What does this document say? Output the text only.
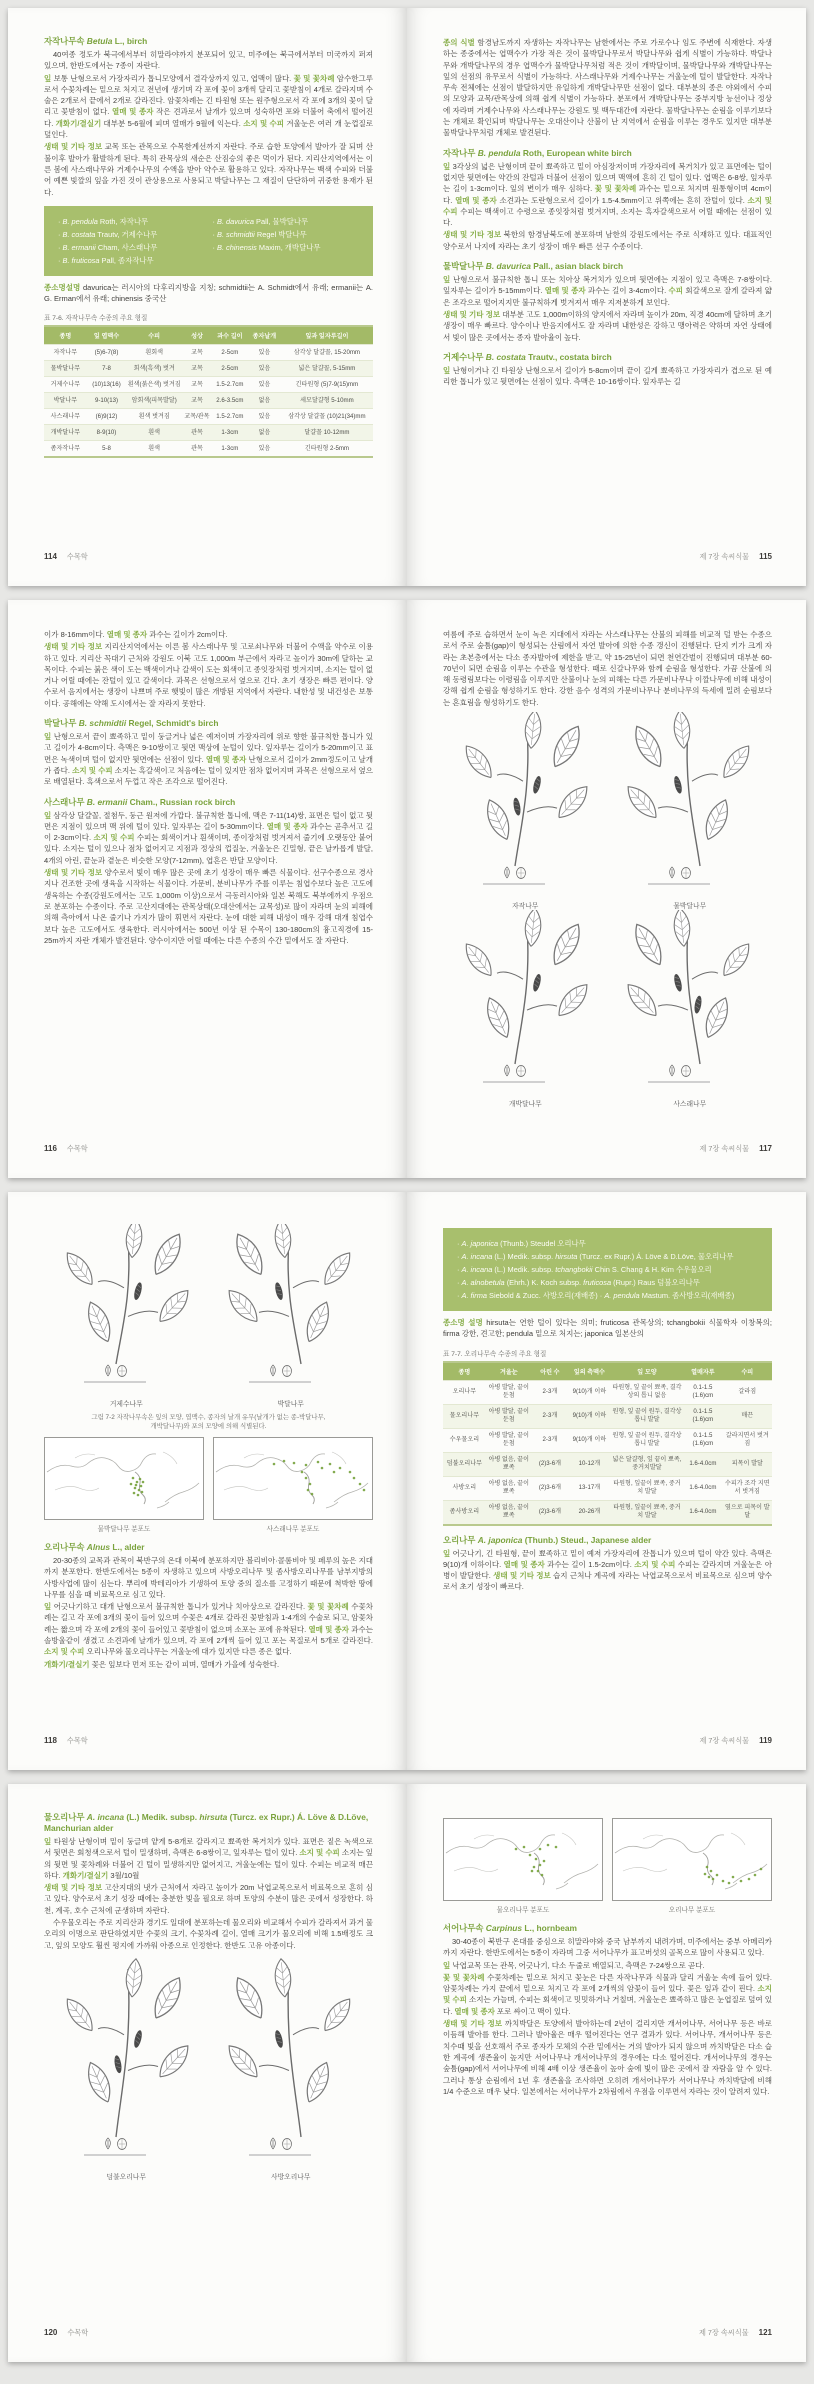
자작나무속 Betula L., birch
40여종 정도가 북극에서부터 히말라야까지 분포되어 있고, 미주에는 북극에서부터 미국까지 퍼져 있으며, 한반도에서는 7종이 자란다.
잎 보통 난형으로서 가장자리가 톱니모양에서 결각상까지 있고, 엽맥이 많다. 꽃 및 꽃차례 암수한그루로서 수꽃차례는 밑으로 처지고 전년에 생기며 각 포에 꽃이 3개씩 달리고 꽃받침이 4개로 갈라지며 수술은 2개로서 끝에서 2개로 갈라진다. 암꽃차례는 긴 타원형 또는 원주형으로서 각 포에 3개의 꽃이 달리고 꽃받침이 없다. 열매 및 종자 작은 견과로서 날개가 있으며 성숙하면 포와 더불어 축에서 떨어진다. 개화기/결실기 대부분 5-6월에 피며 열매가 9월에 익는다. 소지 및 수피 겨울눈은 여러 개 눈껍질로 덮인다.
생태 및 기타 정보 교목 또는 관목으로 수목한계선까지 자란다. 주로 습한 토양에서 발아가 잘 되며 산불이후 발아가 활발하게 된다. 특히 관목상의 새순은 산짐승의 좋은 먹이가 된다. 지리산지역에서는 이른 봄에 사스래나무와 거제수나무의 수액을 받아 약수로 활용하고 있다. 자작나무는 백색 수피와 더불어 예쁜 빛깔의 잎을 가진 것이 관상용으로 사용되고 박달나무는 그 재질이 단단하여 귀중한 용재가 된다.
· B. pendula Roth, 자작나무	· B. davurica Pall, 물박달나무
· B. costata Trautv, 거제수나무	· B. schmidtii Regel 박달나무
· B. ermanii Cham, 사스래나무	· B. chinensis Maxim, 개박달나무
· B. fruticosa Pall, 좀자작나무
종소명설명 davurica는 러시아의 다후리지방을 지칭; schmidtii는 A. Schmidt에서 유래; ermanii는 A. G. Erman에서 유래; chinensis 중국산
표 7-6. 자작나무속 수종의 주요 형질
종명	잎 엽맥수	수피	성상	과수 길이	종자날개	잎과 잎자루길이
자작나무	(5)6-7(8)	흰회색	교목	2-5cm	있음	삼각상 달걀꼴, 15-20mm
물박달나무	7-8	회색(흑색) 벗겨	교목	2-5cm	있음	넓은 달걀꼴, 5-15mm
거제수나무	(10)13(16)	흰색(붉은색) 벗겨짐	교목	1.5-2.7cm	있음	긴타원형 (5)7-9(15)mm
박달나무	9-10(13)	암회색(피목발달)	교목	2.6-3.5cm	없음	세모달걀형 5-10mm
사스래나무	(6)9(12)	흰색 벗겨짐	교목/관목	1.5-2.7cm	있음	삼각상 달걀꼴 (10)21(34)mm
개박달나무	8-9(10)	흰색	관목	1-3cm	없음	달걀꼴 10-12mm
좀자작나무	5-8	흰색	관목	1-3cm	있음	긴타원형 2-5mm
114 수목학
종의 식별 함경남도까지 자생하는 자작나무는 남한에서는 주로 가로수나 임도 주변에 식재한다. 자생하는 종중에서는 엽맥수가 가장 적은 것이 물박달나무로서 박달나무와 쉽게 식별이 가능하다. 박달나무와 개박달나무의 경우 엽맥수가 물박달나무처럼 적은 것이 개박달이며, 물박달나무와 개박달나무는 잎의 선점의 유무로서 식별이 가능하다. 사스래나무와 거제수나무는 겨울눈에 털이 발달한다. 자작나무속 전체에는 선점이 발달하지만 유일하게 개박달나무만 선점이 없다. 대부분의 종은 야외에서 수피의 모양과 교목/관목상에 의해 쉽게 식별이 가능하다. 분포에서 개박달나무는 중부지방 능선이나 정상에 자라며 거제수나무와 사스래나무는 강원도 및 백두대간에 자란다. 물박달나무는 순림을 이루기보다는 개체로 확인되며 박달나무는 오대산이나 산불이 난 지역에서 순림을 이루는 경우도 있지만 대부분 물박달나무처럼 개체로 발견된다.
자작나무 B. pendula Roth, European white birch
잎 3각상의 넓은 난형이며 끝이 뾰족하고 밑이 아심장저이며 가장자리에 복거치가 있고 표면에는 털이 없지만 뒷면에는 약간의 잔털과 더불어 선점이 있으며 맥액에 흔히 긴 털이 있다. 엽맥은 6-8쌍, 잎자루는 길이 1-3cm이다. 잎의 변이가 매우 심하다. 꽃 및 꽃차례 과수는 밑으로 처지며 원통형이며 4cm이다. 열매 및 종자 소견과는 도란형으로서 길이가 1.5-4.5mm이고 위쪽에는 흔히 잔털이 있다. 소지 및 수피 수피는 백색이고 수령으로 종잇장처럼 벗겨지며, 소지는 흑자갈색으로서 어릴 때에는 선점이 있다.
생태 및 기타 정보 북한의 함경남북도에 분포하며 남한의 강원도에서는 주로 식재하고 있다. 대표적인 양수로서 나지에 자라는 초기 성장이 매우 빠른 선구 수종이다.
물박달나무 B. davurica Pall., asian black birch
잎 난형으로서 불규칙한 톱니 또는 치아상 복거치가 있으며 뒷면에는 지점이 있고 측맥은 7-8쌍이다. 잎자루는 길이가 5-15mm이다. 열매 및 종자 과수는 길이 3-4cm이다. 수피 회갈색으로 잘게 갈라져 얇은 조각으로 떨어지지만 불규칙하게 벗겨져서 매우 지저분하게 보인다.
생태 및 기타 정보 대부분 고도 1,000m이하의 양지에서 자라며 높이가 20m, 직경 40cm에 달하며 초기 생장이 매우 빠르다. 양수이나 반음지에서도 잘 자라며 내한성은 강하고 맹아력은 약하며 자연 상태에서 빛이 많은 곳에서는 종자 발아율이 높다.
거제수나무 B. costata Trautv., costata birch
잎 난형이거나 긴 타원상 난형으로서 길이가 5-8cm이며 끝이 길게 뾰족하고 가장자리가 겹으로 된 예리한 톱니가 있고 뒷면에는 선점이 있다. 측맥은 10-16쌍이다. 잎자루는 길
제 7장 속씨식물 115
이가 8-16mm이다. 열매 및 종자 과수는 길이가 2cm이다.
생태 및 기타 정보 지리산지역에서는 이른 봄 사스래나무 및 고로쇠나무와 더불어 수액을 약수로 이용하고 있다. 지리산 꼭대기 근처와 강원도 이북 고도 1,000m 부근에서 자라고 높이가 30m에 달하는 교목이다. 수피는 붉은 색이 도는 백색이거나 갈색이 도는 회색이고 종잇장처럼 벗겨지며, 소지는 털이 없거나 어릴 때에는 잔털이 있고 갈색이다. 과목은 선형으로서 옆으로 긴다. 초기 생장은 빠른 편이다. 양수로서 음지에서는 생장이 나쁘며 주로 햇빛이 많은 개방된 지역에서 자란다. 내한성 및 내건성은 보통이다. 공해에는 약해 도시에서는 잘 자라지 못한다.
박달나무 B. schmidtii Regel, Schmidt's birch
잎 난형으로서 끝이 뾰족하고 밑이 둥글거나 넓은 예저이며 가장자리에 위로 향한 불규칙한 톱니가 있고 길이가 4-8cm이다. 측맥은 9-10쌍이고 뒷면 맥상에 눈털이 있다. 잎자루는 길이가 5-20mm이고 표면은 녹색이며 털이 없지만 뒷면에는 선점이 있다. 열매 및 종자 난형으로서 길이가 2mm정도이고 날개가 좁다. 소지 및 수피 소지는 흑갈색이고 처음에는 털이 있지만 점차 없어지며 과목은 선형으로서 옆으로 배열된다. 흑색으로서 두껍고 작은 조각으로 떨어진다.
사스래나무 B. ermanii Cham., Russian rock birch
잎 삼각상 달걀꼴, 절첨두, 둥근 원저에 가깝다. 불규칙한 톱니에, 맥은 7-11(14)쌍, 표면은 털이 없고 뒷면은 지점이 있으며 맥 위에 털이 있다. 잎자루는 길이 5-30mm이다. 열매 및 종자 과수는 곧추서고 길이 2-3cm이다. 소지 및 수피 수피는 회색이거나 흰색이며, 종이장처럼 벗겨져서 줄기에 오랫동안 붙어 있다. 소지는 털이 있으나 점차 없어지고 지점과 정상의 껍질눈, 겨울눈은 긴밀형, 끝은 날카롭게 발달, 4개의 아린, 끝눈과 곁눈은 비슷한 모양(7-12mm), 엽흔은 반달 모양이다.
생태 및 기타 정보 양수로서 빛이 매우 많은 곳에 초기 성장이 매우 빠른 식물이다. 선구수종으로 경사지나 건조한 곳에 생육을 시작하는 식물이다. 가문비, 분비나무가 주를 이루는 침엽수보다 높은 고도에 생육하는 수종(강원도에서는 고도 1,000m 이상)으로서 극동러시아와 일본 북해도 북부에까지 우점으로 분포하는 수종이다. 주로 고산지대에는 관목상태(오대산에서는 교목성)로 많이 자라며 눈의 피해에 의해 측아에서 나온 줄기나 가지가 많이 휘면서 자란다. 눈에 대한 피해 내성이 매우 강해 대개 침엽수보다 높은 고도에서도 생육한다. 러시아에서는 500년 이상 된 수목이 130-180cm의 흉고직경에 15-25m까지 자란 개체가 발견된다. 양수이지만 어릴 때에는 다른 수종의 수간 밑에서도 잘 자란다.
116 수목학
여름에 주로 습하면서 눈이 녹은 지대에서 자라는 사스래나무는 산불의 피해를 비교적 덜 받는 수종으로서 주로 숲틈(gap)이 형성되는 산림에서 자연 발아에 의한 수종 갱신이 진행된다. 단지 키가 크게 자라는 초본층에서는 다소 종자발아에 제한을 받고, 약 15-25년이 되면 천연간벌이 진행되며 대부분 60-70년이 되면 순림을 이루는 수관을 형성한다. 때로 신갈나무와 함께 순림을 형성한다. 가끔 산불에 의해 동령림보다는 이령림을 이루지만 산불이나 눈의 피해는 다른 가문비나무나 이깔나무에 비해 내성이 강해 쉽게 순림을 형성하기도 한다. 강한 음수 성격의 가문비나무나 분비나무의 득세에 밀려 순림보다는 혼효림을 형성하기도 한다.
자작나무	물박달나무
개박달나무	사스래나무
제 7장 속씨식물 117
거제수나무	박달나무
그림 7-2 자작나무속은 잎의 모양, 엽맥수, 종자의 날개 유무(날개가 없는 종-박달나무,
개박달나무)와 포의 모양에 의해 식별된다.
물박달나무 분포도	사스래나무 분포도
오리나무속 Alnus L., alder
20-30종의 교목과 관목이 북반구의 온대 이북에 분포하지만 볼리비아·콜롬비아 및 페루의 높은 지대까지 분포한다. 한반도에서는 5종이 자생하고 있으며 사방오리나무 및 좀사방오리나무를 남부지방의 사방사업에 많이 심는다. 뿌리에 박테리아가 기생하여 토양 중의 질소를 고정하기 때문에 척박한 땅에 나무를 심을 때 비료목으로 심고 있다.
잎 어긋나기하고 대개 난형으로서 불규칙한 톱니가 있거나 치아상으로 갈라진다. 꽃 및 꽃차례 수꽃차례는 길고 각 포에 3개의 꽃이 들어 있으며 수꽃은 4개로 갈라진 꽃받침과 1-4개의 수술로 되고, 암꽃차례는 짧으며 각 포에 2개의 꽃이 들어있고 꽃받침이 없으며 소포는 포에 유착된다. 열매 및 종자 과수는 솔방울같이 생겼고 소견과에 날개가 있으며, 각 포에 2개씩 들어 있고 포는 목질로서 5개로 갈라진다. 소지 및 수피 오리나무와 물오리나무는 겨울눈에 대가 있지만 다른 종은 없다.
개화기/결실기 꽃은 잎보다 먼저 또는 같이 피며, 열매가 가을에 성숙한다.
118 수목학
· A. japonica (Thunb.) Steudel 오리나무
· A. incana (L.) Medik. subsp. hirsuta (Turcz. ex Rupr.) Á. Löve & D.Löve, 물오리나무
· A. incana (L.) Medik. subsp. tchangbokii Chin S. Chang & H. Kim 수우물오리
· A. alnobetula (Ehrh.) K. Koch subsp. fruticosa (Rupr.) Raus 덤불오리나무
· A. firma Siebold & Zucc. 사방오리(재배종) · A. pendula Mastum. 좀사방오리(재배종)
종소명 설명 hirsuta는 연한 털이 있다는 의미; fruticosa 관목상의; tchangbokii 식물학자 이창복의; firma 강한, 견고한; pendula 밑으로 처지는; japonica 일본산의
표 7-7. 오리나무속 수종의 주요 형질
종명	겨울눈	아린 수	잎의 측맥수	잎 모양	열매자루	수피
오리나무	아병 발달, 끝이 둔첨	2-3개	9(10)개 이하	타원형, 잎 끝이 뾰족, 결각상의 톱니 없음	0.1-1.5 (1.6)cm	갈라짐
물오리나무	아병 발달, 끝이 둔첨	2-3개	9(10)개 이하	원형, 잎 끝이 원두, 결각상 톱니 발달	0.1-1.5 (1.6)cm	매끈
수우물오리	아병 발달, 끝이 둔첨	2-3개	9(10)개 이하	원형, 잎 끝이 원두, 결각상 톱니 발달	0.1-1.5 (1.6)cm	갈라지면서 벗겨짐
덤불오리나무	아병 없음, 끝이 뾰족	(2)3-6개	10-12개	넓은 달걀형, 잎 끝이 뾰족, 중거치발달	1.6-4.0cm	피목이 발달
사방오리	아병 없음, 끝이 뾰족	(2)3-6개	13-17개	타원형, 잎끝이 뾰족, 중거치 발달	1.6-4.0cm	수피가 조각 지면서 벗겨짐
좀사방오리	아병 없음, 끝이 뾰족	(2)3-6개	20-26개	타원형, 잎끝이 뾰족, 중거치 발달	1.6-4.0cm	옆으로 피목이 발달
오리나무 A. japonica (Thunb.) Steud., Japanese alder
잎 어긋나기, 긴 타원형, 끝이 뾰족하고 밑이 예저 가장자리에 잔톱니가 있으며 털이 약간 있다. 측맥은 9(10)개 이하이다. 열매 및 종자 과수는 길이 1.5-2cm이다. 소지 및 수피 수피는 갈라지며 겨울눈은 아병이 발달한다. 생태 및 기타 정보 습지 근처나 계곡에 자라는 낙엽교목으로서 비료목으로 심으며 양수로서 초기 성장이 빠르다.
제 7장 속씨식물 119
물오리나무 A. incana (L.) Medik. subsp. hirsuta (Turcz. ex Rupr.) Á. Löve & D.Löve, Manchurian alder
잎 타원상 난형이며 밑이 둥글며 얕게 5-8개로 갈라지고 뾰족한 복거치가 있다. 표면은 짙은 녹색으로서 뒷면은 회청색으로서 털이 밀생하며, 측맥은 6-8쌍이고, 잎자루는 털이 있다. 소지 및 수피 소지는 잎의 뒷면 및 꽃차례와 더불어 긴 털이 밀생하지만 없어지고, 겨울눈에는 털이 있다. 수피는 비교적 매끈하다. 개화기/결실기 3월/10월
생태 및 기타 정보 고산지대의 냇가 근처에서 자라고 높이가 20m 낙엽교목으로서 비료목으로 흔히 심고 있다. 양수로서 초기 성장 때에는 충분한 빛을 필요로 하며 토양의 수분이 많은 곳에서 성장한다. 하천, 계곡, 호수 근처에 군생하며 자란다.
수우물오리는 주로 지리산과 경기도 일대에 분포하는데 물오리와 비교해서 수피가 갈라져서 과거 물오리의 이명으로 판단하였지만 수꽃의 크기, 수꽃차례 길이, 열매 크기가 물오리에 비해 1.5배정도 크고, 잎의 모양도 훨씬 평지에 가까워 아종으로 인정한다. 한반도 고유 아종이다.
덤불오리나무	사방오리나무
120 수목학
물오리나무 분포도	오리나무 분포도
서어나무속 Carpinus L., hornbeam
30-40종이 북반구 온대를 중심으로 히말라야와 중국 남부까지 내려가며, 미주에서는 중부 아메리카까지 자란다. 한반도에서는 5종이 자라며 그중 서어나무가 표고버섯의 골목으로 많이 사용되고 있다.
잎 낙엽교목 또는 관목, 어긋나기, 다소 두줄로 배열되고, 측맥은 7-24쌍으로 곧다.
꽃 및 꽃차례 수꽃차례는 밑으로 처지고 꽃눈은 다른 자작나무과 식물과 달리 겨울눈 속에 들어 있다. 암꽃차례는 가지 끝에서 밑으로 처지고 각 포에 2개씩의 암꽃이 들어 있다. 꽃은 잎과 같이 핀다. 소지 및 수피 소지는 가늘며, 수피는 회색이고 밋밋하거나 거칠며, 겨울눈은 뾰족하고 많은 눈엽질로 덮여 있다. 열매 및 종자 포로 싸이고 맥이 있다.
생태 및 기타 정보 까치박달은 토양에서 발아하는데 2년이 걸리지만 개서어나무, 서어나무 등은 바로 이듬해 발아를 한다. 그러나 발아율은 매우 떨어진다는 연구 결과가 있다. 서어나무, 개서어나무 등은 치수때 빛을 선호해서 주로 종자가 모체의 수관 밑에서는 거의 발아가 되지 않으며 까치박달은 다소 습한 계곡에 생존율이 높지만 서어나무나 개서어나무의 경우에는 다소 떨어진다. 개서어나무의 경우는 숲틈(gap)에서 서어나무에 비해 4배 이상 생존율이 높아 숲에 빛이 많은 곳에서 잘 자람을 알 수 있다. 그러나 통상 순림에서 1년 후 생존율을 조사하면 오히려 개서어나무가 서어나무나 까치박달에 비해 1/4 수준으로 매우 낮다. 일본에서는 서어나무가 2차림에서 우점을 이루면서 자라는 것이 알려져 있다.
제 7장 속씨식물 121
